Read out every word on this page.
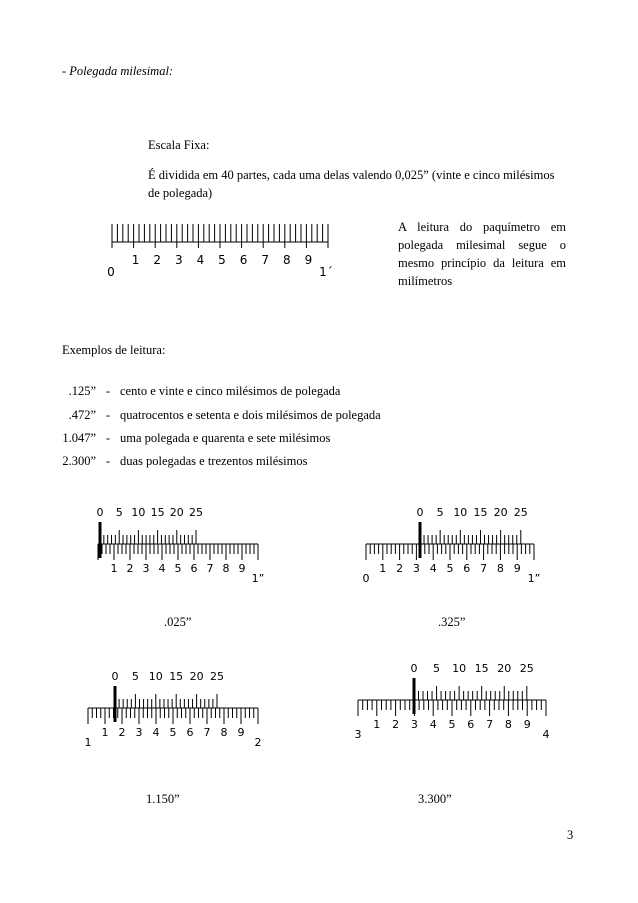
- Polegada milesimal:
Escala Fixa:
É dividida em 40 partes, cada uma delas valendo 0,025” (vinte e cinco milésimos
de polegada)
0
1 2 3 4 5 6 7 8 9
1´
A leitura do paquímetro em
polegada milesimal segue o
mesmo princípio da leitura em
milímetros
Exemplos de leitura:
.125” - cento e vinte e cinco milésimos de polegada
.472” - quatrocentos e setenta e dois milésimos de polegada
1.047” - uma polegada e quarenta e sete milésimos
2.300” - duas polegadas e trezentos milésimos
0 5 10 15 20 25
1 2 3 4 5 6 7 8 9
1”
.025”
0 5 10 15 20 25
1 2 3 4 5 6 7 8 9
0	1”
.325”
0 5 10 15 20 25
1 2 3 4 5 6 7 8 9
1	2
1.150”
0 5 10 15 20 25
1 2 3 4 5 6 7 8 9
3	4
3.300”
3
